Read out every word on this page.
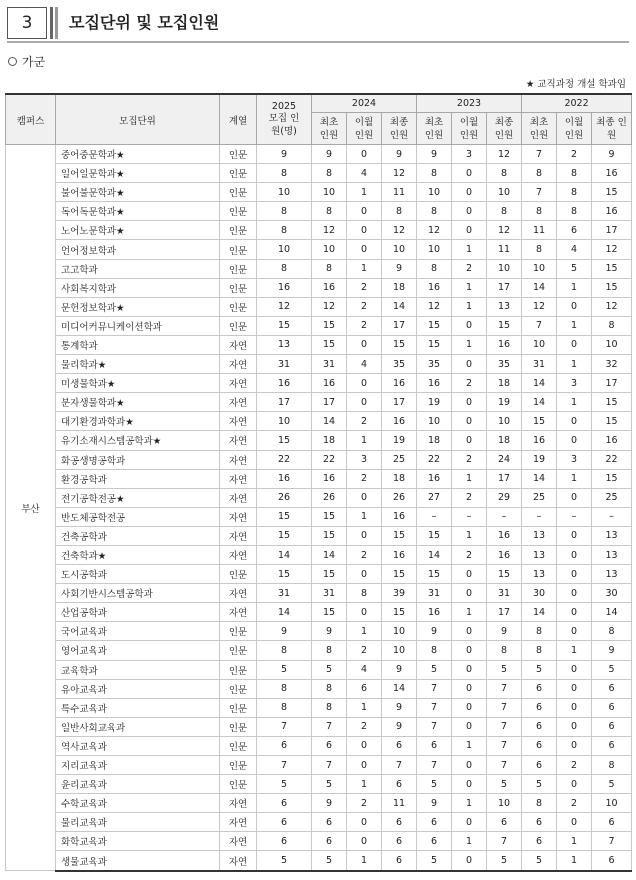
3	모집단위 및 모집인원
가군
★ 교직과정 개설 학과임
캠퍼스	모집단위	계열	2025
모집 인원(명)	2024			2023			2022		
				최초 인원	이월 인원	최종 인원	최초 인원	이월 인원	최종 인원	최초 인원	이월 인원	최종 인원
부산	중어중문학과★	인문	9	9	0	9	9	3	12	7	2	9
	일어일문학과★	인문	8	8	4	12	8	0	8	8	8	16
	불어불문학과★	인문	10	10	1	11	10	0	10	7	8	15
	독어독문학과★	인문	8	8	0	8	8	0	8	8	8	16
	노어노문학과★	인문	8	12	0	12	12	0	12	11	6	17
	언어정보학과	인문	10	10	0	10	10	1	11	8	4	12
	고고학과	인문	8	8	1	9	8	2	10	10	5	15
	사회복지학과	인문	16	16	2	18	16	1	17	14	1	15
	문헌정보학과★	인문	12	12	2	14	12	1	13	12	0	12
	미디어커뮤니케이션학과	인문	15	15	2	17	15	0	15	7	1	8
	통계학과	자연	13	15	0	15	15	1	16	10	0	10
	물리학과★	자연	31	31	4	35	35	0	35	31	1	32
	미생물학과★	자연	16	16	0	16	16	2	18	14	3	17
	분자생물학과★	자연	17	17	0	17	19	0	19	14	1	15
	대기환경과학과★	자연	10	14	2	16	10	0	10	15	0	15
	유기소재시스템공학과★	자연	15	18	1	19	18	0	18	16	0	16
	화공생명공학과	자연	22	22	3	25	22	2	24	19	3	22
	환경공학과	자연	16	16	2	18	16	1	17	14	1	15
	전기공학전공★	자연	26	26	0	26	27	2	29	25	0	25
	반도체공학전공	자연	15	15	1	16	–	–	–	–	–	–
	건축공학과	자연	15	15	0	15	15	1	16	13	0	13
	건축학과★	자연	14	14	2	16	14	2	16	13	0	13
	도시공학과	인문	15	15	0	15	15	0	15	13	0	13
	사회기반시스템공학과	자연	31	31	8	39	31	0	31	30	0	30
	산업공학과	자연	14	15	0	15	16	1	17	14	0	14
	국어교육과	인문	9	9	1	10	9	0	9	8	0	8
	영어교육과	인문	8	8	2	10	8	0	8	8	1	9
	교육학과	인문	5	5	4	9	5	0	5	5	0	5
	유아교육과	인문	8	8	6	14	7	0	7	6	0	6
	특수교육과	인문	8	8	1	9	7	0	7	6	0	6
	일반사회교육과	인문	7	7	2	9	7	0	7	6	0	6
	역사교육과	인문	6	6	0	6	6	1	7	6	0	6
	지리교육과	인문	7	7	0	7	7	0	7	6	2	8
	윤리교육과	인문	5	5	1	6	5	0	5	5	0	5
	수학교육과	자연	6	9	2	11	9	1	10	8	2	10
	물리교육과	자연	6	6	0	6	6	0	6	6	0	6
	화학교육과	자연	6	6	0	6	6	1	7	6	1	7
	생물교육과	자연	5	5	1	6	5	0	5	5	1	6
